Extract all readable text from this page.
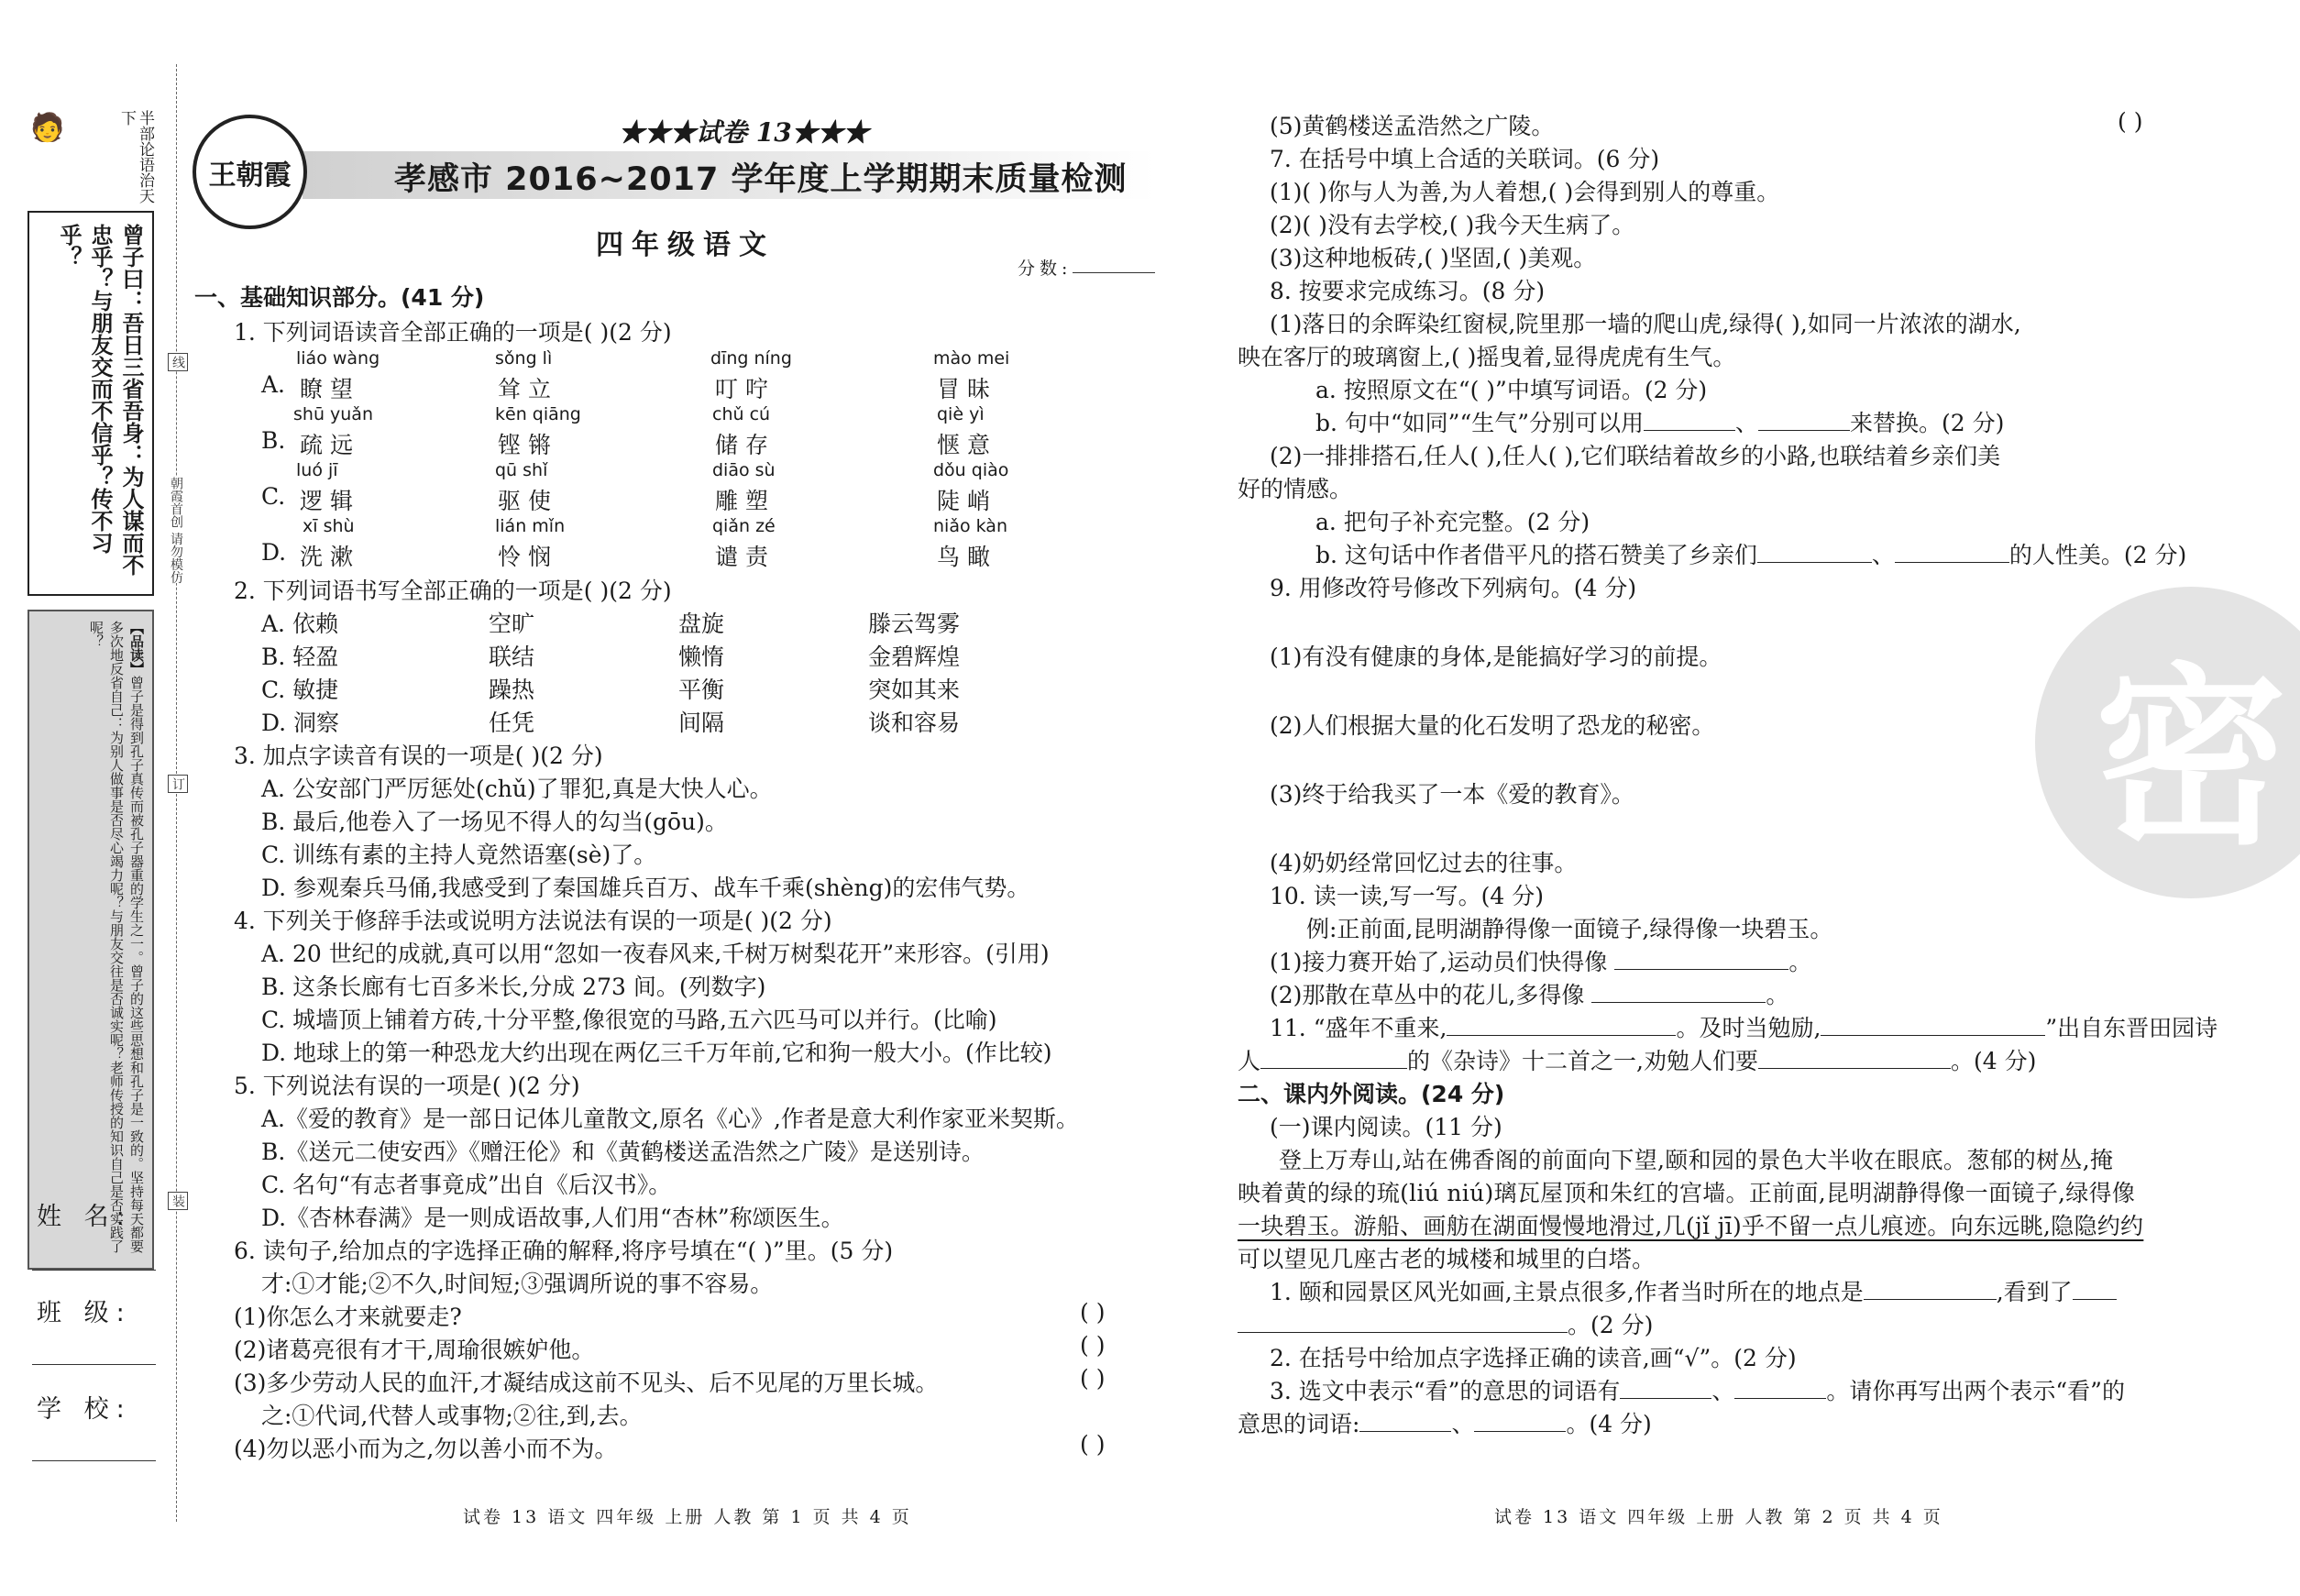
🧑	半部论语治天下
曾子曰：吾日三省吾身：为人谋而不忠乎？与朋友交而不信乎？传不习乎？
【品读】曾子是得到孔子真传而被孔子器重的学生之一。曾子的这些思想和孔子是一致的。坚持每天都要多次地反省自己：为别人做事是否尽心竭力呢？与朋友交往是否诚实呢？老师传授的知识自己是否实践了呢？
姓 名:
班 级:
学 校:
线
朝霞首创 请勿模仿
订
装
王朝霞
★★★试卷 13★★★
孝感市 2016~2017 学年度上学期期末质量检测
四年级语文
分数:
一、基础知识部分。(41 分)
1. 下列词语读音全部正确的一项是( )(2 分)
liáo wàng	sǒng lì	dīng níng	mào mei
A. 瞭 望	耸 立	叮 咛	冒 昧
shū yuǎn	kēn qiāng	chǔ cú	qiè yì
B. 疏 远	铿 锵	储 存	惬 意
luó jī	qū shǐ	diāo sù	dǒu qiào
C. 逻 辑	驱 使	雕 塑	陡 峭
xī shù	lián mǐn	qiǎn zé	niǎo kàn
D. 洗 漱	怜 悯	谴 责	鸟 瞰
2. 下列词语书写全部正确的一项是( )(2 分)
A. 依赖	空旷	盘旋	滕云驾雾
B. 轻盈	联结	懒惰	金碧辉煌
C. 敏捷	躁热	平衡	突如其来
D. 洞察	任凭	间隔	谈和容易
3. 加点字读音有误的一项是( )(2 分)
A. 公安部门严厉惩处(chǔ)了罪犯,真是大快人心。
B. 最后,他卷入了一场见不得人的勾当(gōu)。
C. 训练有素的主持人竟然语塞(sè)了。
D. 参观秦兵马俑,我感受到了秦国雄兵百万、战车千乘(shèng)的宏伟气势。
4. 下列关于修辞手法或说明方法说法有误的一项是( )(2 分)
A. 20 世纪的成就,真可以用“忽如一夜春风来,千树万树梨花开”来形容。(引用)
B. 这条长廊有七百多米长,分成 273 间。(列数字)
C. 城墙顶上铺着方砖,十分平整,像很宽的马路,五六匹马可以并行。(比喻)
D. 地球上的第一种恐龙大约出现在两亿三千万年前,它和狗一般大小。(作比较)
5. 下列说法有误的一项是( )(2 分)
A.《爱的教育》是一部日记体儿童散文,原名《心》,作者是意大利作家亚米契斯。
B.《送元二使安西》《赠汪伦》和《黄鹤楼送孟浩然之广陵》是送别诗。
C. 名句“有志者事竟成”出自《后汉书》。
D.《杏林春满》是一则成语故事,人们用“杏林”称颂医生。
6. 读句子,给加点的字选择正确的解释,将序号填在“( )”里。(5 分)
才:①才能;②不久,时间短;③强调所说的事不容易。
(1)你怎么才来就要走?	( )
(2)诸葛亮很有才干,周瑜很嫉妒他。	( )
(3)多少劳动人民的血汗,才凝结成这前不见头、后不见尾的万里长城。	( )
之:①代词,代替人或事物;②往,到,去。
(4)勿以恶小而为之,勿以善小而不为。	( )
试卷 13 语文 四年级 上册 人教 第 1 页 共 4 页
密
(5)黄鹤楼送孟浩然之广陵。	( )
7. 在括号中填上合适的关联词。(6 分)
(1)( )你与人为善,为人着想,( )会得到别人的尊重。
(2)( )没有去学校,( )我今天生病了。
(3)这种地板砖,( )坚固,( )美观。
8. 按要求完成练习。(8 分)
(1)落日的余晖染红窗棂,院里那一墙的爬山虎,绿得( ),如同一片浓浓的湖水,
映在客厅的玻璃窗上,( )摇曳着,显得虎虎有生气。
a. 按照原文在“( )”中填写词语。(2 分)
b. 句中“如同”“生气”分别可以用	、	来替换。(2 分)
(2)一排排搭石,任人( ),任人( ),它们联结着故乡的小路,也联结着乡亲们美
好的情感。
a. 把句子补充完整。(2 分)
b. 这句话中作者借平凡的搭石赞美了乡亲们	、	的人性美。(2 分)
9. 用修改符号修改下列病句。(4 分)
(1)有没有健康的身体,是能搞好学习的前提。
(2)人们根据大量的化石发明了恐龙的秘密。
(3)终于给我买了一本《爱的教育》。
(4)奶奶经常回忆过去的往事。
10. 读一读,写一写。(4 分)
例:正前面,昆明湖静得像一面镜子,绿得像一块碧玉。
(1)接力赛开始了,运动员们快得像	。
(2)那散在草丛中的花儿,多得像	。
11. “盛年不重来,	。及时当勉励,	”出自东晋田园诗
人	的《杂诗》十二首之一,劝勉人们要	。(4 分)
二、课内外阅读。(24 分)
(一)课内阅读。(11 分)
登上万寿山,站在佛香阁的前面向下望,颐和园的景色大半收在眼底。葱郁的树丛,掩
映着黄的绿的琉(liú niú)璃瓦屋顶和朱红的宫墙。正前面,昆明湖静得像一面镜子,绿得像
一块碧玉。游船、画舫在湖面慢慢地滑过,几(jǐ jī)乎不留一点儿痕迹。向东远眺,隐隐约约
可以望见几座古老的城楼和城里的白塔。
1. 颐和园景区风光如画,主景点很多,作者当时所在的地点是	,看到了
。(2 分)
2. 在括号中给加点字选择正确的读音,画“√”。(2 分)
3. 选文中表示“看”的意思的词语有	、	。请你再写出两个表示“看”的
意思的词语:	、	。(4 分)
试卷 13 语文 四年级 上册 人教 第 2 页 共 4 页
